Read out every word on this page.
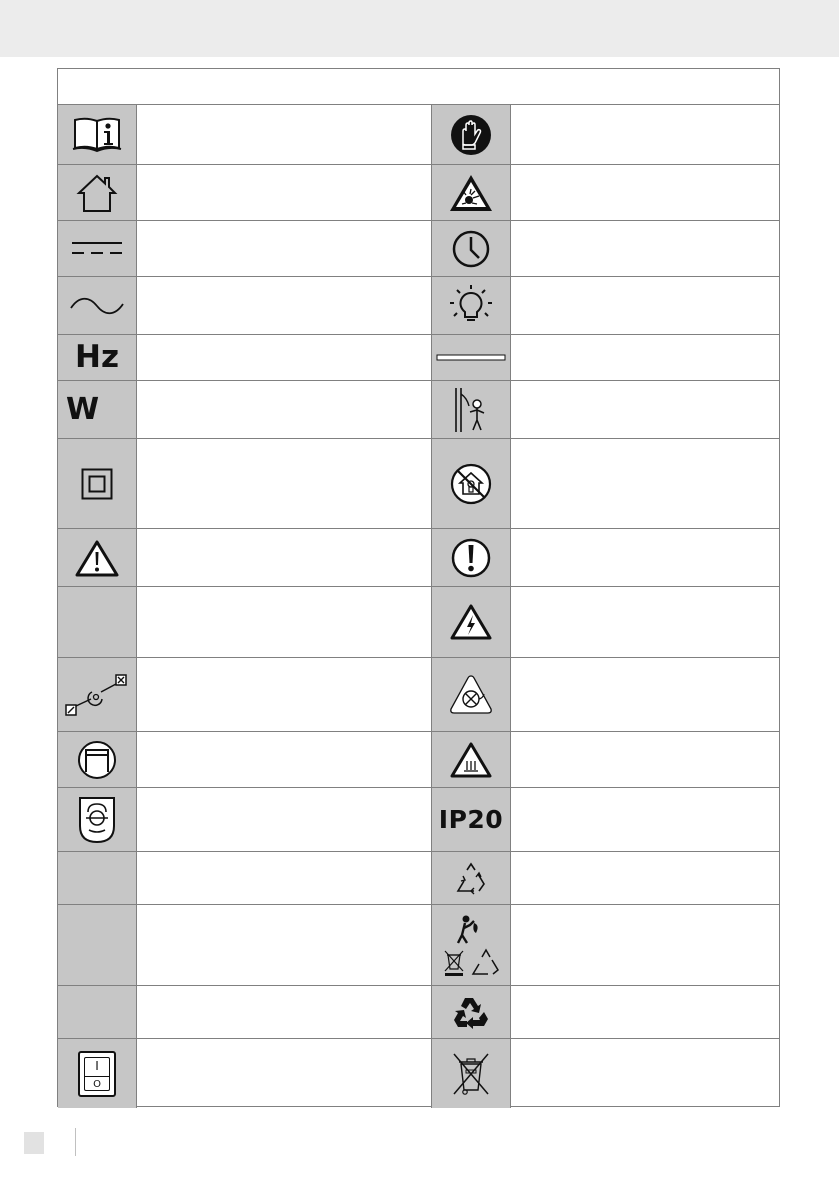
Hz
W
IP20
I
O
